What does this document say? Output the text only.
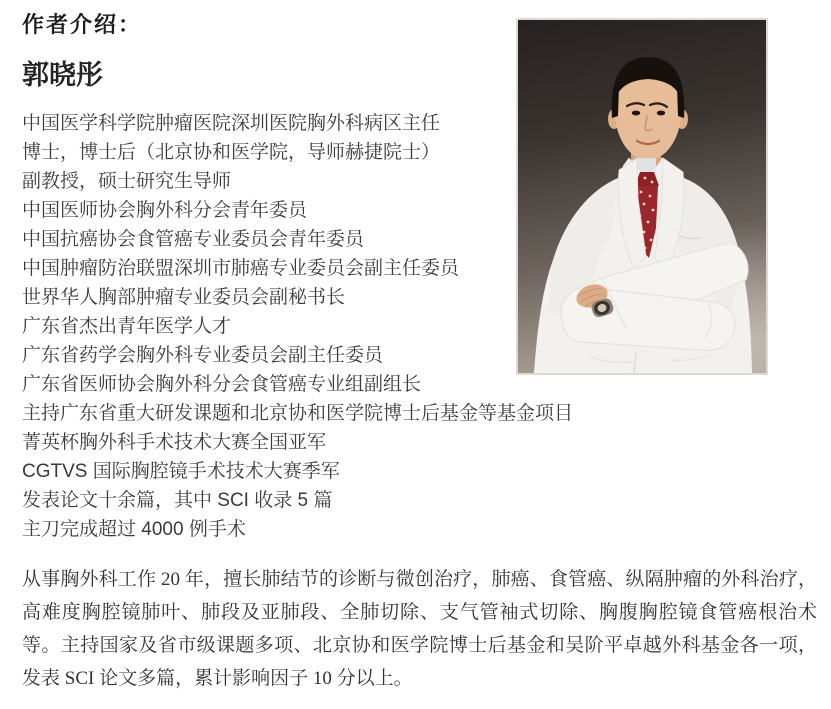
作者介绍：
郭晓彤
中国医学科学院肿瘤医院深圳医院胸外科病区主任
博士，博士后（北京协和医学院，导师赫捷院士）
副教授，硕士研究生导师
中国医师协会胸外科分会青年委员
中国抗癌协会食管癌专业委员会青年委员
中国肿瘤防治联盟深圳市肺癌专业委员会副主任委员
世界华人胸部肿瘤专业委员会副秘书长
广东省杰出青年医学人才
广东省药学会胸外科专业委员会副主任委员
广东省医师协会胸外科分会食管癌专业组副组长
主持广东省重大研发课题和北京协和医学院博士后基金等基金项目
菁英杯胸外科手术技术大赛全国亚军
CGTVS 国际胸腔镜手术技术大赛季军
发表论文十余篇，其中 SCI 收录 5 篇
主刀完成超过 4000 例手术
从事胸外科工作 20 年，擅长肺结节的诊断与微创治疗，肺癌、食管癌、纵隔肿瘤的外科治疗，高难度胸腔镜肺叶、肺段及亚肺段、全肺切除、支气管袖式切除、胸腹胸腔镜食管癌根治术等。主持国家及省市级课题多项、北京协和医学院博士后基金和吴阶平卓越外科基金各一项，发表 SCI 论文多篇，累计影响因子 10 分以上。
